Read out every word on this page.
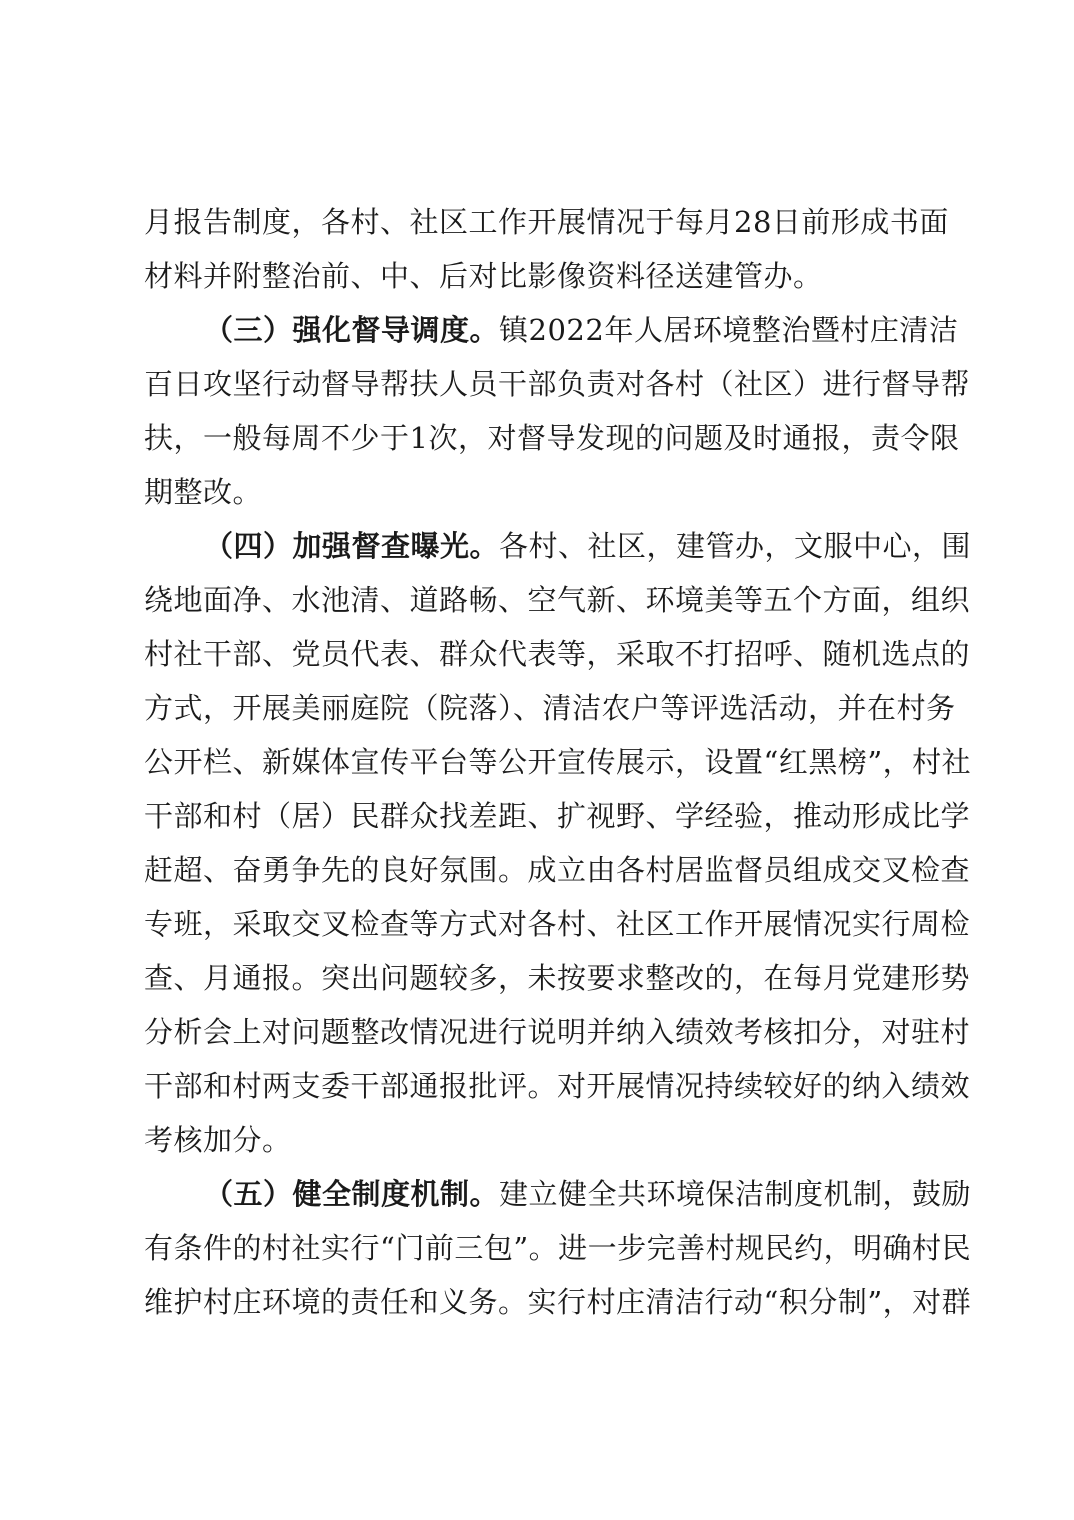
月报告制度，各村、社区工作开展情况于每月28日前形成书面
材料并附整治前、中、后对比影像资料径送建管办。
（三）强化督导调度。镇2022年人居环境整治暨村庄清洁
百日攻坚行动督导帮扶人员干部负责对各村（社区）进行督导帮
扶，一般每周不少于1次，对督导发现的问题及时通报，责令限
期整改。
（四）加强督查曝光。各村、社区，建管办，文服中心，围
绕地面净、水池清、道路畅、空气新、环境美等五个方面，组织
村社干部、党员代表、群众代表等，采取不打招呼、随机选点的
方式，开展美丽庭院（院落）、清洁农户等评选活动，并在村务
公开栏、新媒体宣传平台等公开宣传展示，设置“红黑榜”，村社
干部和村（居）民群众找差距、扩视野、学经验，推动形成比学
赶超、奋勇争先的良好氛围。成立由各村居监督员组成交叉检查
专班，采取交叉检查等方式对各村、社区工作开展情况实行周检
查、月通报。突出问题较多，未按要求整改的，在每月党建形势
分析会上对问题整改情况进行说明并纳入绩效考核扣分，对驻村
干部和村两支委干部通报批评。对开展情况持续较好的纳入绩效
考核加分。
（五）健全制度机制。建立健全共环境保洁制度机制，鼓励
有条件的村社实行“门前三包”。进一步完善村规民约，明确村民
维护村庄环境的责任和义务。实行村庄清洁行动“积分制”，对群
